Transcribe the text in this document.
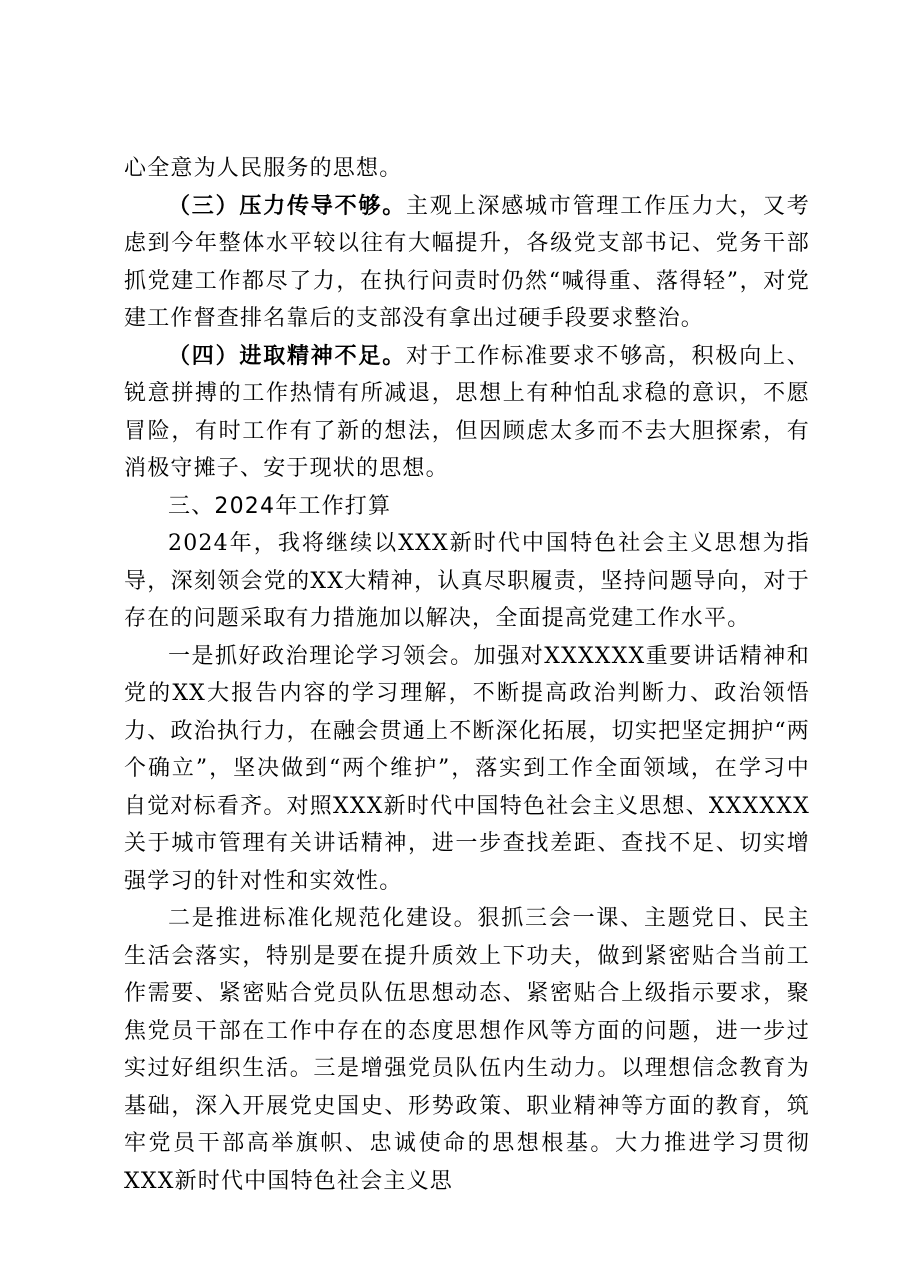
心全意为人民服务的思想。

（三）压力传导不够。主观上深感城市管理工作压力大，又考虑到今年整体水平较以往有大幅提升，各级党支部书记、党务干部抓党建工作都尽了力，在执行问责时仍然“喊得重、落得轻”，对党建工作督查排名靠后的支部没有拿出过硬手段要求整治。

（四）进取精神不足。对于工作标准要求不够高，积极向上、锐意拼搏的工作热情有所减退，思想上有种怕乱求稳的意识，不愿冒险，有时工作有了新的想法，但因顾虑太多而不去大胆探索，有消极守摊子、安于现状的思想。

三、2024年工作打算

2024年，我将继续以XXX新时代中国特色社会主义思想为指导，深刻领会党的XX大精神，认真尽职履责，坚持问题导向，对于存在的问题采取有力措施加以解决，全面提高党建工作水平。

一是抓好政治理论学习领会。加强对XXXXXX重要讲话精神和党的XX大报告内容的学习理解，不断提高政治判断力、政治领悟力、政治执行力，在融会贯通上不断深化拓展，切实把坚定拥护“两个确立”，坚决做到“两个维护”，落实到工作全面领域，在学习中自觉对标看齐。对照XXX新时代中国特色社会主义思想、XXXXXX关于城市管理有关讲话精神，进一步查找差距、查找不足、切实增强学习的针对性和实效性。

二是推进标准化规范化建设。狠抓三会一课、主题党日、民主生活会落实，特别是要在提升质效上下功夫，做到紧密贴合当前工作需要、紧密贴合党员队伍思想动态、紧密贴合上级指示要求，聚焦党员干部在工作中存在的态度思想作风等方面的问题，进一步过实过好组织生活。三是增强党员队伍内生动力。以理想信念教育为基础，深入开展党史国史、形势政策、职业精神等方面的教育，筑牢党员干部高举旗帜、忠诚使命的思想根基。大力推进学习贯彻XXX新时代中国特色社会主义思
